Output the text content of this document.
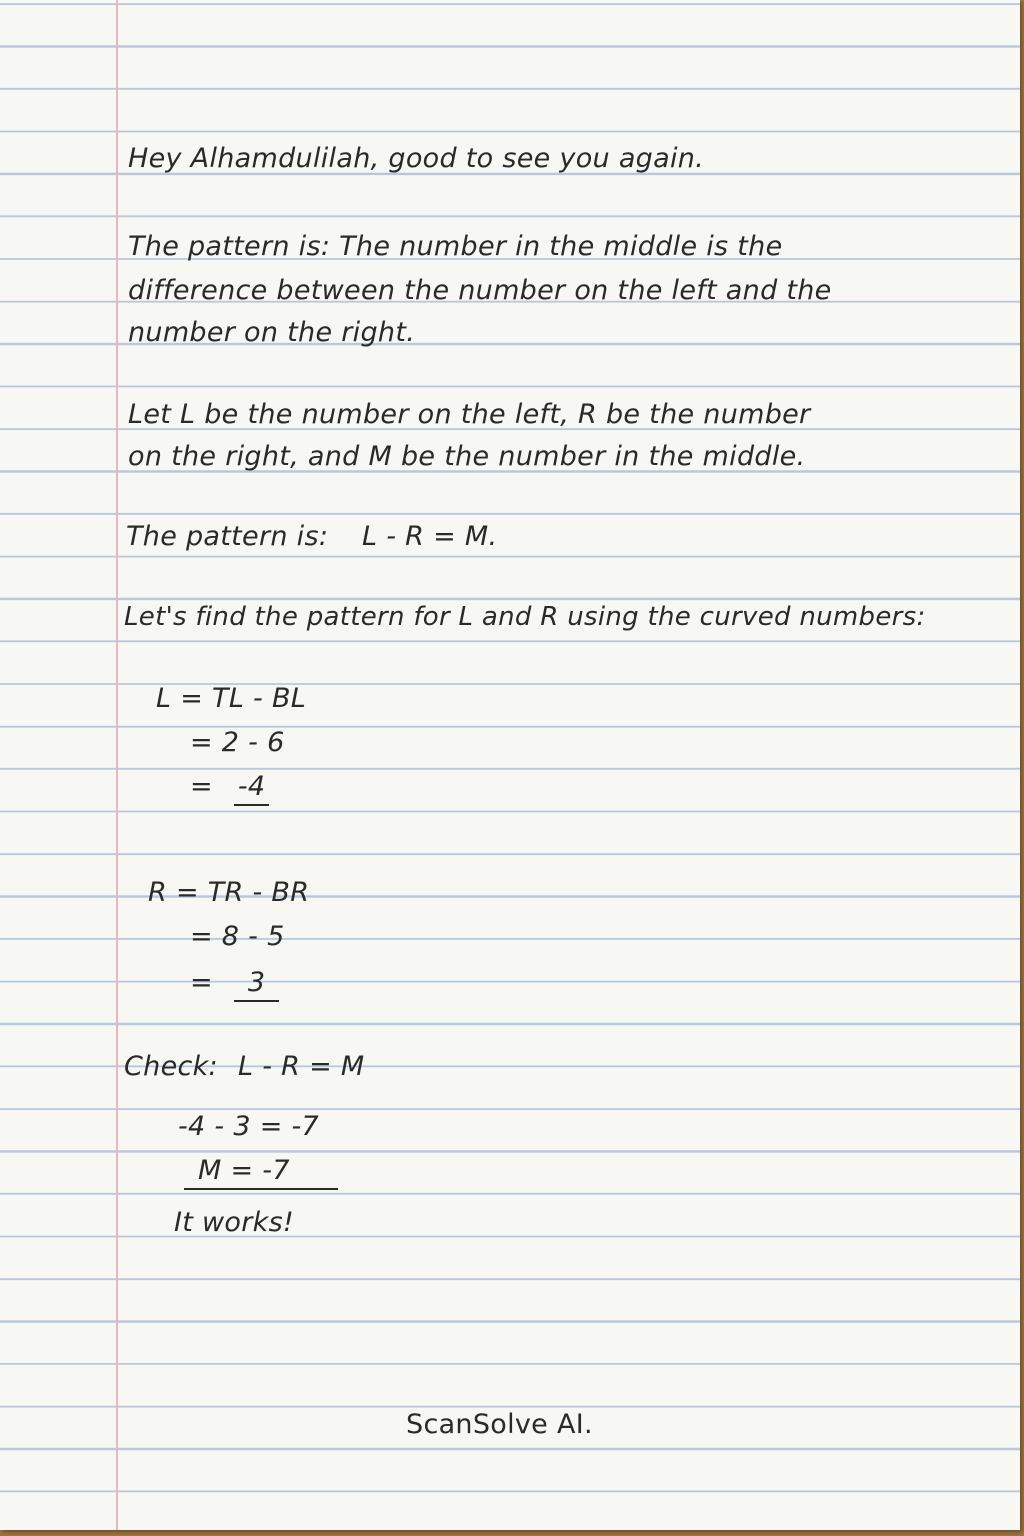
Hey Alhamdulilah, good to see you again.
The pattern is: The number in the middle is the
difference between the number on the left and the
number on the right.
Let L be the number on the left, R be the number
on the right, and M be the number in the middle.
The pattern is: L - R = M.
Let's find the pattern for L and R using the curved numbers:
L = TL - BL
= 2 - 6
= -4
R = TR - BR
= 8 - 5
= 3
Check: L - R = M
-4 - 3 = -7
M = -7
It works!
ScanSolve AI.
